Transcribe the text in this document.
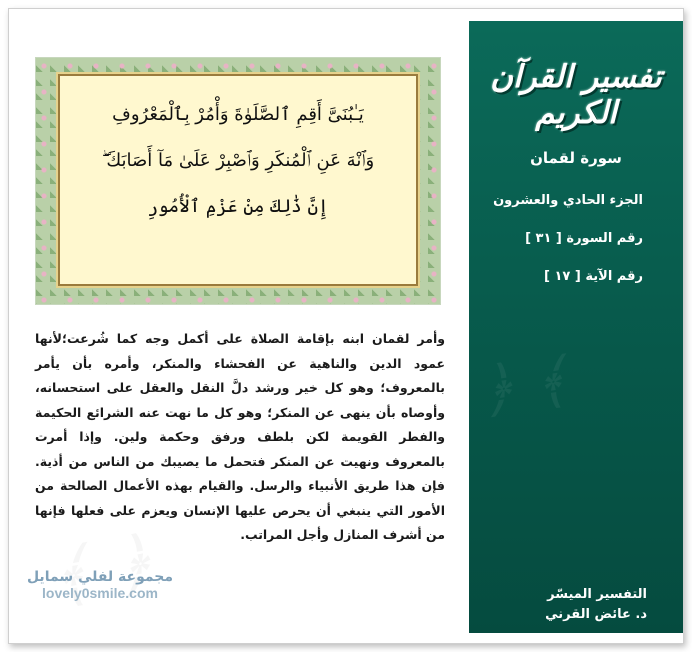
يَـٰبُنَىَّ أَقِمِ ٱلصَّلَوٰةَ وَأْمُرْ بِٱلْمَعْرُوفِ
وَٱنْهَ عَنِ ٱلْمُنكَرِ وَٱصْبِرْ عَلَىٰ مَآ أَصَابَكَ ۖ
إِنَّ ذَٰلِكَ مِنْ عَزْمِ ٱلْأُمُورِ
وأمر لقمان ابنه بإقامة الصلاة على أكمل وجه كما شُرعت؛لأنها عمود الدين والناهية عن الفحشاء والمنكر، وأمره بأن يأمر بالمعروف؛ وهو كل خير ورشد دلَّ النقل والعقل على استحسانه، وأوصاه بأن ينهى عن المنكر؛ وهو كل ما نهت عنه الشرائع الحكيمة والفطر القويمة لكن بلطف ورفق وحكمة ولين. وإذا أمرت بالمعروف ونهيت عن المنكر فتحمل ما يصيبك من الناس من أذية. فإن هذا طريق الأنبياء والرسل. والقيام بهذه الأعمال الصالحة من الأمور التي ينبغي أن يحرص عليها الإنسان ويعزم على فعلها فإنها من أشرف المنازل وأجل المراتب.
مجموعة لفلي سمايل
lovely0smile.com
﴾ ﴿
تفسير القرآن الكريم
سورة لقمان
الجزء الحادي والعشرون
رقم السورة [ ٣١ ]
رقم الآية [ ١٧ ]
التفسير الميسّر
د. عائض القرني
